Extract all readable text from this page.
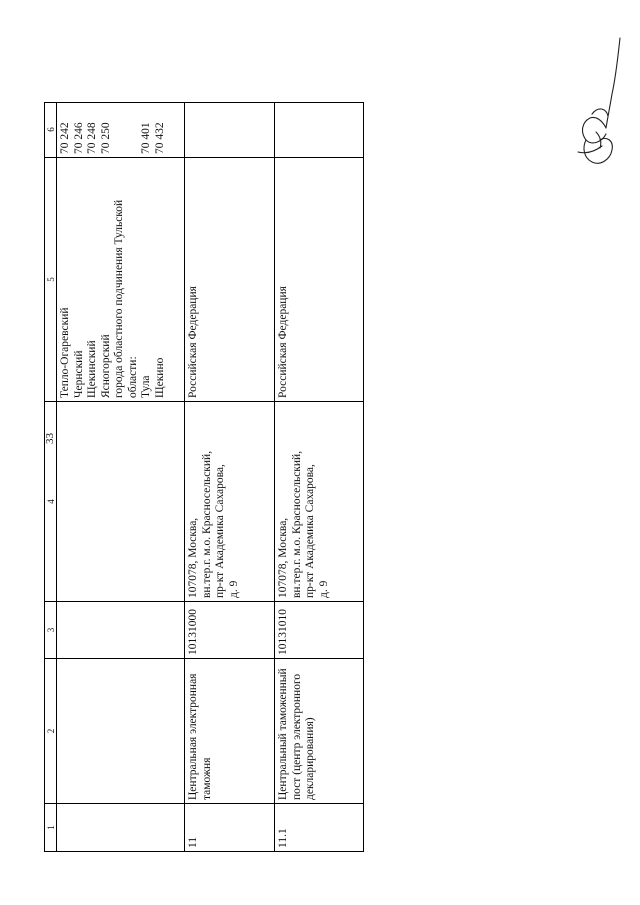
33
1
2
3
4
5
6
Тепло-Огаревский Чернский Щекинский Ясногорский города областного подчинения Тульской области: Тула Щекино
70 242 70 246 70 248 70 250

70 401 70 432
11
Центральная электронная таможня
10131000
107078, Москва, вн.тер.г. м.о. Красносельский, пр-кт Академика Сахарова, д. 9
Российская Федерация
11.1
Центральный таможенный пост (центр электронного декларирования)
10131010
107078, Москва, вн.тер.г. м.о. Красносельский, пр-кт Академика Сахарова, д. 9
Российская Федерация
